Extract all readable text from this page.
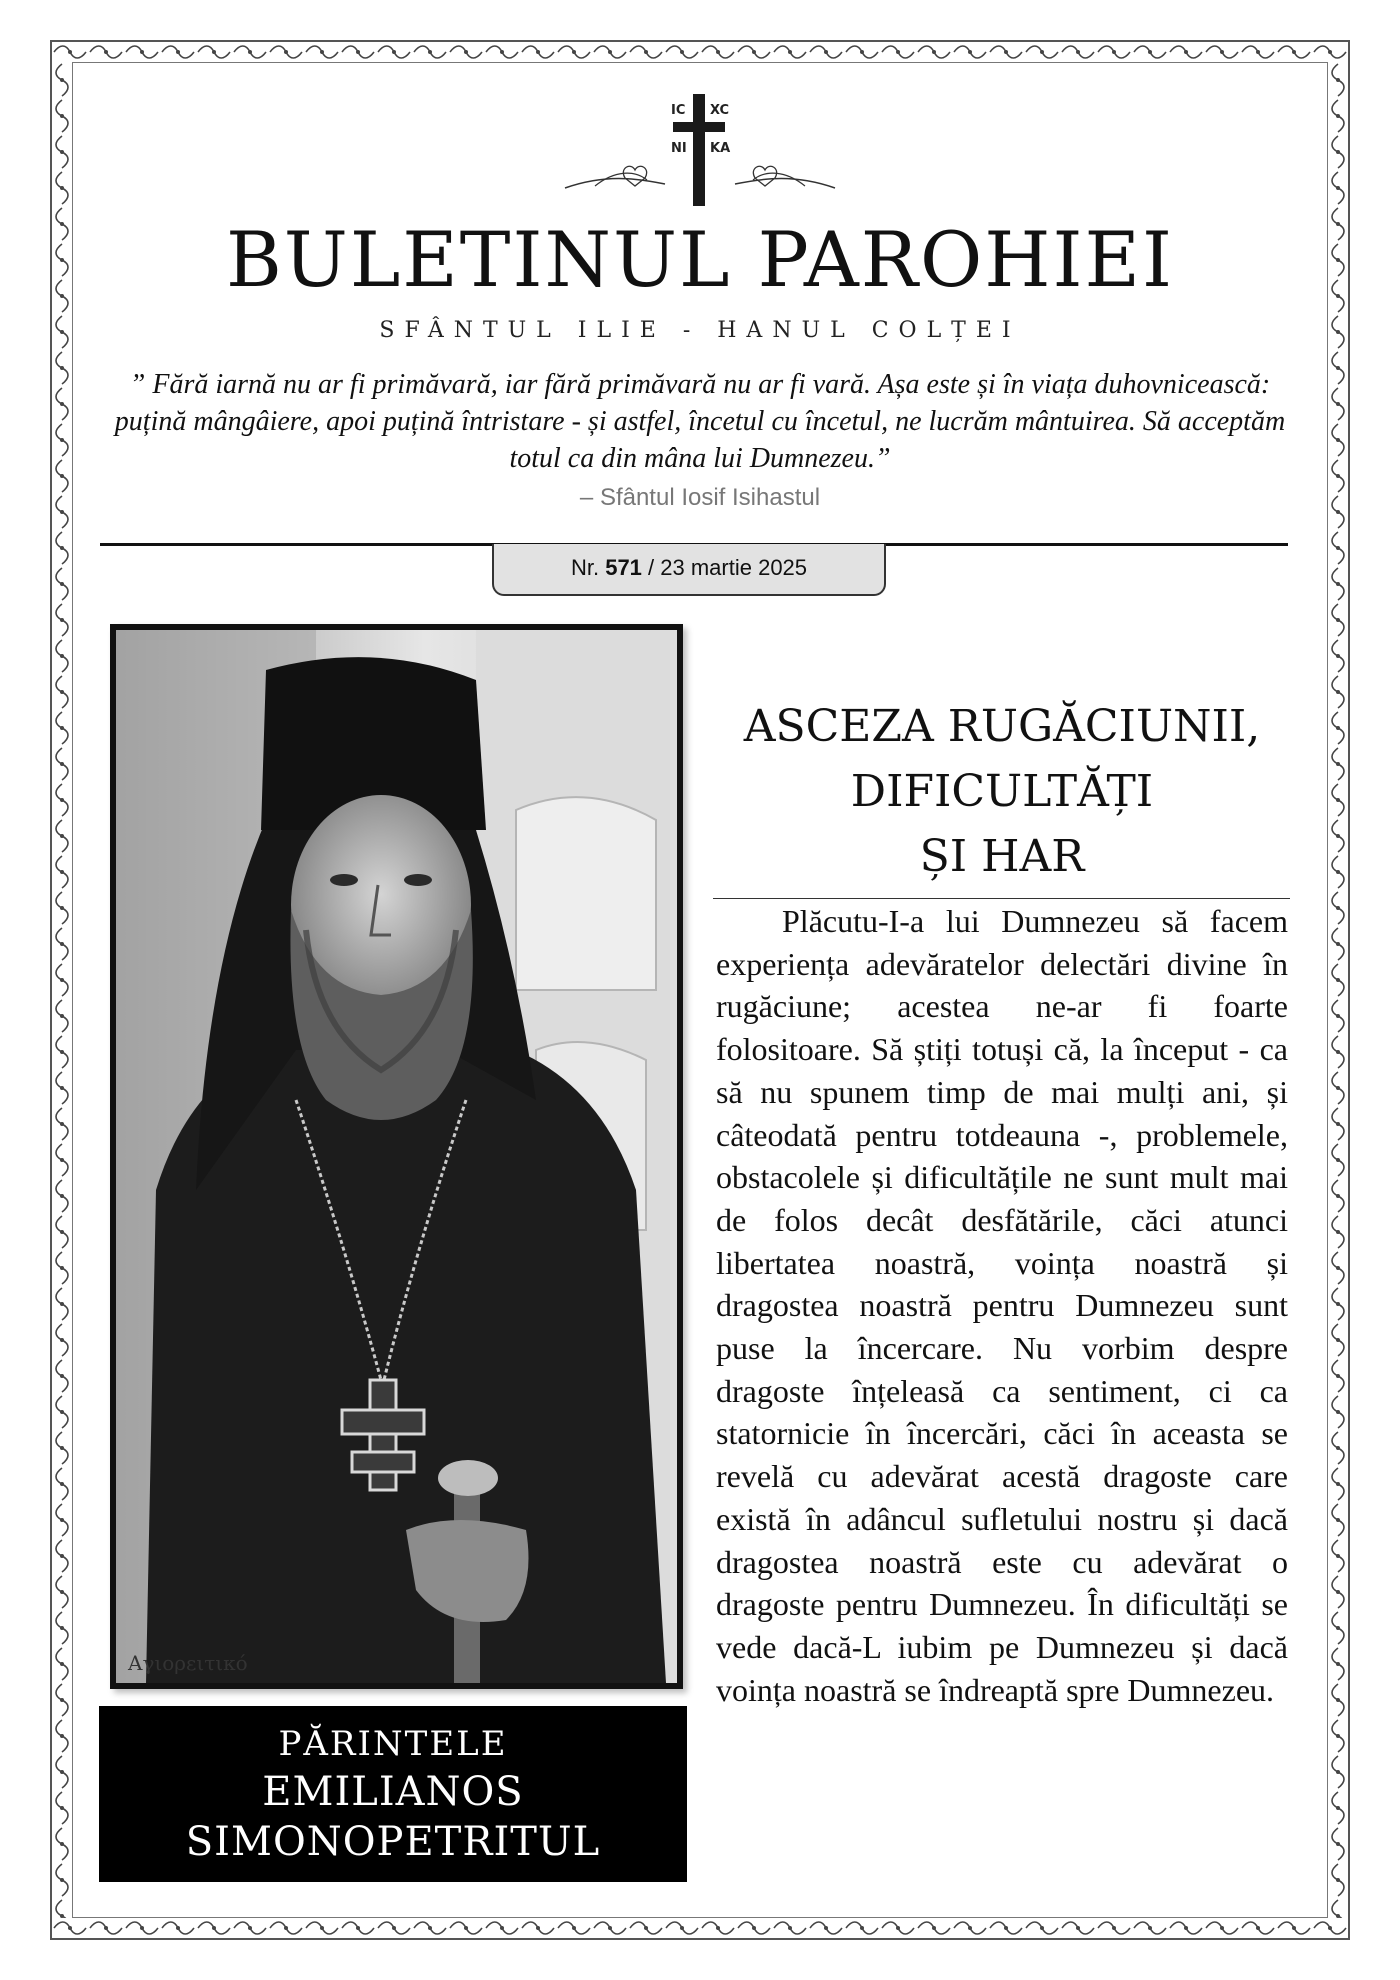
IC XC
NI KA
BULETINUL PAROHIEI
SFÂNTUL ILIE - HANUL COLȚEI
” Fără iarnă nu ar fi primăvară, iar fără primăvară nu ar fi vară. Așa este și în viața duhovnicească: puțină mângâiere, apoi puțină întristare - și astfel, încetul cu încetul, ne lucrăm mântuirea. Să acceptăm totul ca din mâna lui Dumnezeu.”
– Sfântul Iosif Isihastul
Nr. 571 / 23 martie 2025
Αγιορειτικό
PĂRINTELE
EMILIANOS
SIMONOPETRITUL
ASCEZA RUGĂCIUNII,
DIFICULTĂȚI
ȘI HAR
Plăcutu-I-a lui Dumnezeu să facem experiența adevăratelor delectări divine în rugăciune; acestea ne-ar fi foarte folositoare. Să știți totuși că, la început - ca să nu spunem timp de mai mulți ani, și câteodată pentru totdeauna -, problemele, obstacolele și dificultățile ne sunt mult mai de folos decât desfătările, căci atunci libertatea noastră, voința noastră și dragostea noastră pentru Dumnezeu sunt puse la încercare. Nu vorbim despre dragoste înțeleasă ca sentiment, ci ca statornicie în încercări, căci în aceasta se revelă cu adevărat acestă dragoste care există în adâncul sufletului nostru și dacă dragostea noastră este cu adevărat o dragoste pentru Dumnezeu. În dificultăți se vede dacă-L iubim pe Dumnezeu și dacă voința noastră se îndreaptă spre Dumnezeu.
